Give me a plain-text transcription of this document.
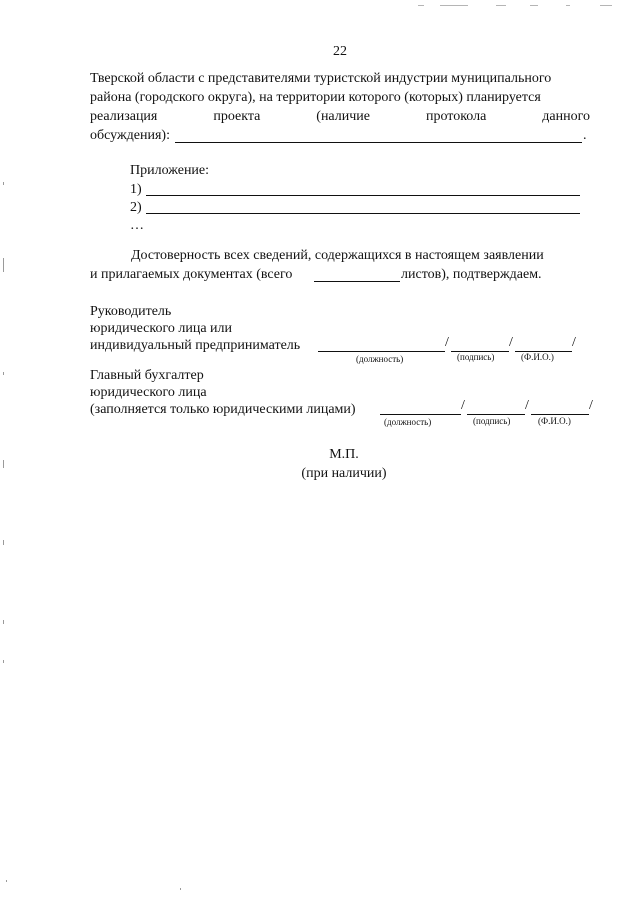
22
Тверской области с представителями туристской индустрии муниципального
района (городского округа), на территории которого (которых) планируется
реализация	проекта	(наличие	протокола	данного
обсуждения):	.
Приложение:
1)
2)
…
Достоверность всех сведений, содержащихся в настоящем заявлении
и прилагаемых документах (всего	листов), подтверждаем.
Руководитель
юридического лица или
индивидуальный предприниматель	/	/	/
(должность)	(подпись)	(Ф.И.О.)
Главный бухгалтер
юридического лица
(заполняется только юридическими лицами)	/	/	/
(должность)	(подпись)	(Ф.И.О.)
М.П.
(при наличии)
